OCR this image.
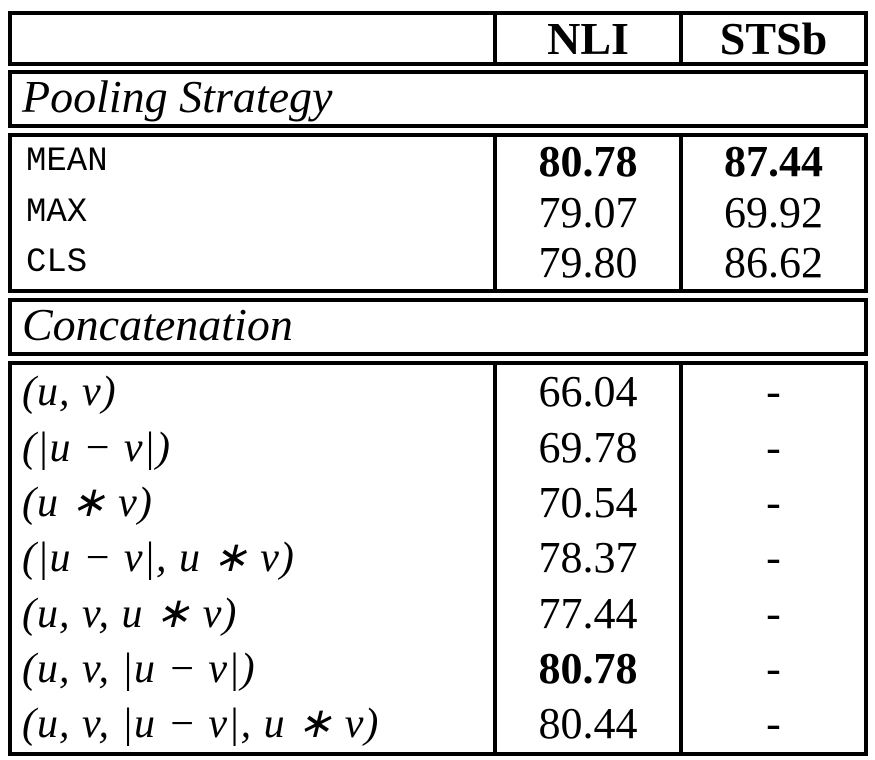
NLI STSb
Pooling Strategy
MEAN	80.78 87.44
MAX	79.07 69.92
CLS	79.80 86.62
Concatenation
(u, v)	66.04	-
(|u − v|)	69.78	-
(u ∗ v)	70.54	-
(|u − v|, u ∗ v)	78.37	-
(u, v, u ∗ v)	77.44	-
(u, v, |u − v|)	80.78	-
(u, v, |u − v|, u ∗ v)	80.44	-
